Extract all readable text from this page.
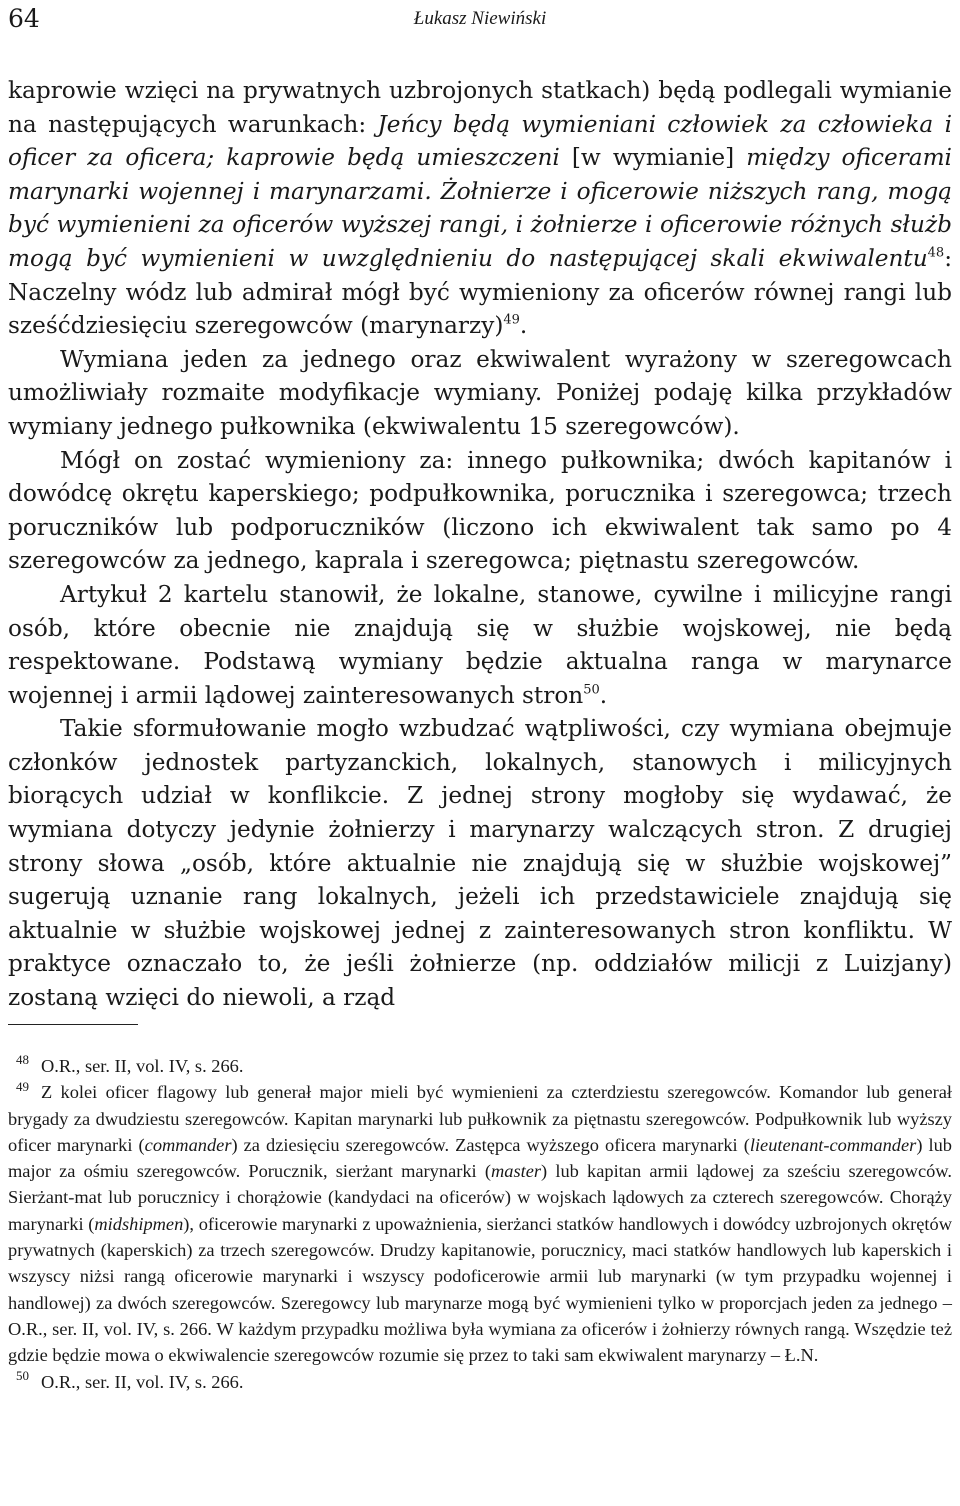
64	Łukasz Niewiński

kaprowie wzięci na prywatnych uzbrojonych statkach) będą podlegali wymianie na następujących warunkach: Jeńcy będą wymieniani człowiek za człowieka i oficer za oficera; kaprowie będą umieszczeni [w wymianie] między oficerami marynarki wojennej i marynarzami. Żołnierze i oficerowie niższych rang, mogą być wymienieni za oficerów wyższej rangi, i żołnierze i oficerowie różnych służb mogą być wymienieni w uwzględnieniu do następującej skali ekwiwalentu$^{48}$: Naczelny wódz lub admirał mógł być wymieniony za oficerów równej rangi lub sześćdziesięciu szeregowców (marynarzy)$^{49}$.

Wymiana jeden za jednego oraz ekwiwalent wyrażony w szeregowcach umożliwiały rozmaite modyfikacje wymiany. Poniżej podaję kilka przykładów wymiany jednego pułkownika (ekwiwalentu 15 szeregowców).

Mógł on zostać wymieniony za: innego pułkownika; dwóch kapitanów i dowódcę okrętu kaperskiego; podpułkownika, porucznika i szeregowca; trzech poruczników lub podporuczników (liczono ich ekwiwalent tak samo po 4 szeregowców za jednego, kaprala i szeregowca; piętnastu szeregowców.

Artykuł 2 kartelu stanowił, że lokalne, stanowe, cywilne i milicyjne rangi osób, które obecnie nie znajdują się w służbie wojskowej, nie będą respektowane. Podstawą wymiany będzie aktualna ranga w marynarce wojennej i armii lądowej zainteresowanych stron$^{50}$.

Takie sformułowanie mogło wzbudzać wątpliwości, czy wymiana obejmuje członków jednostek partyzanckich, lokalnych, stanowych i milicyjnych biorących udział w konflikcie. Z jednej strony mogłoby się wydawać, że wymiana dotyczy jedynie żołnierzy i marynarzy walczących stron. Z drugiej strony słowa „osób, które aktualnie nie znajdują się w służbie wojskowej” sugerują uznanie rang lokalnych, jeżeli ich przedstawiciele znajdują się aktualnie w służbie wojskowej jednej z zainteresowanych stron konfliktu. W praktyce oznaczało to, że jeśli żołnierze (np. oddziałów milicji z Luizjany) zostaną wzięci do niewoli, a rząd

$^{48}$ O.R., ser. II, vol. IV, s. 266.

$^{49}$ Z kolei oficer flagowy lub generał major mieli być wymienieni za czterdziestu szeregowców. Komandor lub generał brygady za dwudziestu szeregowców. Kapitan marynarki lub pułkownik za piętnastu szeregowców. Podpułkownik lub wyższy oficer marynarki (commander) za dziesięciu szeregowców. Zastępca wyższego oficera marynarki (lieutenant-commander) lub major za ośmiu szeregowców. Porucznik, sierżant marynarki (master) lub kapitan armii lądowej za sześciu szeregowców. Sierżant-mat lub porucznicy i chorążowie (kandydaci na oficerów) w wojskach lądowych za czterech szeregowców. Chorąży marynarki (midshipmen), oficerowie marynarki z upoważnienia, sierżanci statków handlowych i dowódcy uzbrojonych okrętów prywatnych (kaperskich) za trzech szeregowców. Drudzy kapitanowie, porucznicy, maci statków handlowych lub kaperskich i wszyscy niżsi rangą oficerowie marynarki i wszyscy podoficerowie armii lub marynarki (w tym przypadku wojennej i handlowej) za dwóch szeregowców. Szeregowcy lub marynarze mogą być wymienieni tylko w proporcjach jeden za jednego – O.R., ser. II, vol. IV, s. 266. W każdym przypadku możliwa była wymiana za oficerów i żołnierzy równych rangą. Wszędzie też gdzie będzie mowa o ekwiwalencie szeregowców rozumie się przez to taki sam ekwiwalent marynarzy – Ł.N.

$^{50}$ O.R., ser. II, vol. IV, s. 266.
